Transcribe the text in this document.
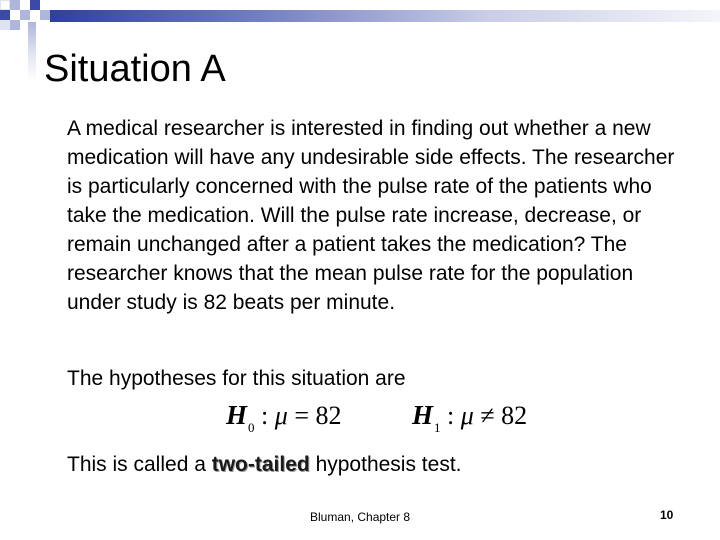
Situation A

A medical researcher is interested in finding out whether a new medication will have any undesirable side effects. The researcher is particularly concerned with the pulse rate of the patients who take the medication. Will the pulse rate increase, decrease, or remain unchanged after a patient takes the medication? The researcher knows that the mean pulse rate for the population under study is 82 beats per minute.

The hypotheses for this situation are

$H_0$ : μ = 82	$H_1$ : μ ≠ 82

This is called a two-tailed hypothesis test.

Bluman, Chapter 8	10
